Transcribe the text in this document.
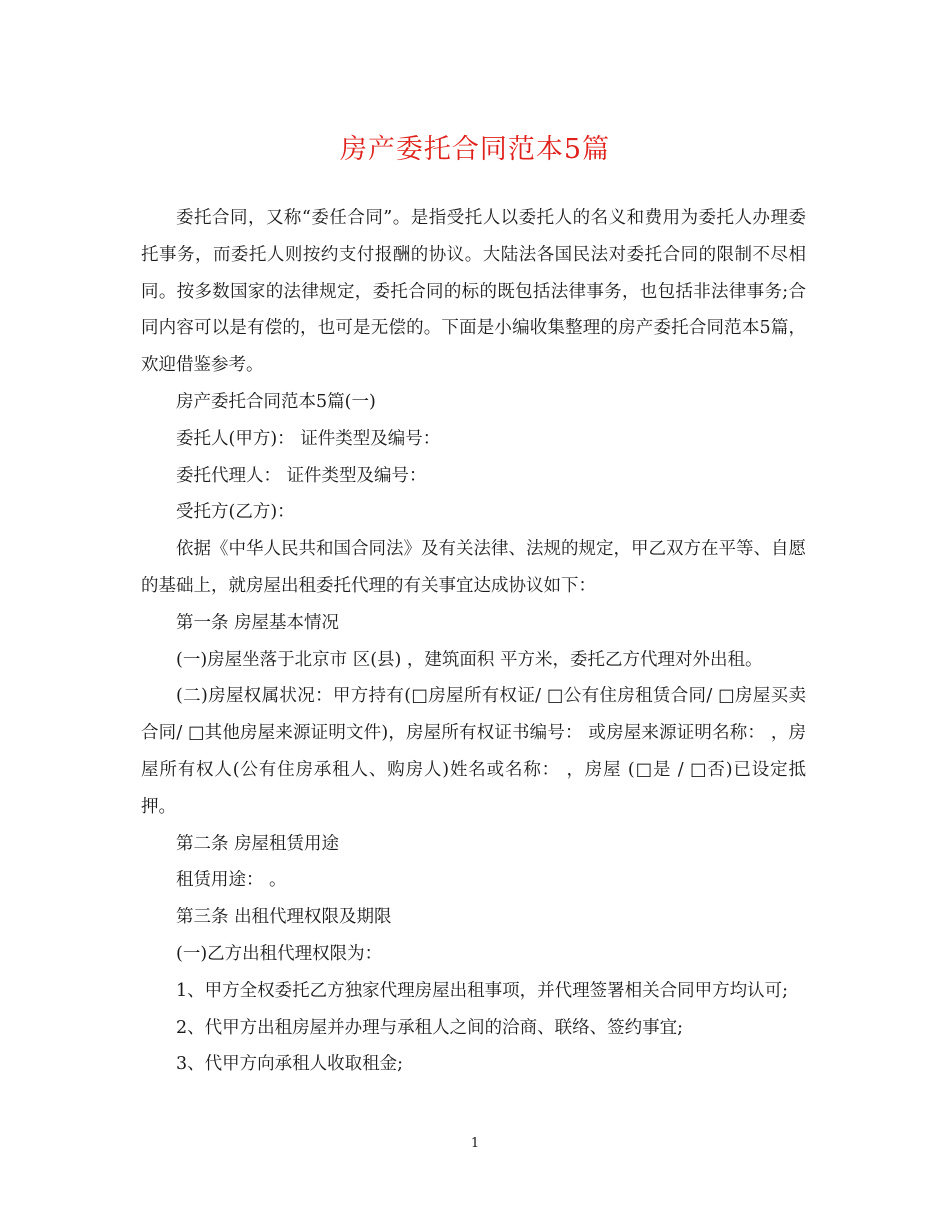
房产委托合同范本5篇

委托合同，又称“委任合同”。是指受托人以委托人的名义和费用为委托人办理委托事务，而委托人则按约支付报酬的协议。大陆法各国民法对委托合同的限制不尽相同。按多数国家的法律规定，委托合同的标的既包括法律事务，也包括非法律事务;合同内容可以是有偿的，也可是无偿的。下面是小编收集整理的房产委托合同范本5篇，欢迎借鉴参考。

房产委托合同范本5篇(一)

委托人(甲方)： 证件类型及编号：

委托代理人： 证件类型及编号：

受托方(乙方)：

依据《中华人民共和国合同法》及有关法律、法规的规定，甲乙双方在平等、自愿的基础上，就房屋出租委托代理的有关事宜达成协议如下：

第一条 房屋基本情况

(一)房屋坐落于北京市 区(县) ，建筑面积 平方米，委托乙方代理对外出租。

(二)房屋权属状况：甲方持有(□房屋所有权证/ □公有住房租赁合同/ □房屋买卖合同/ □其他房屋来源证明文件)，房屋所有权证书编号： 或房屋来源证明名称： ，房屋所有权人(公有住房承租人、购房人)姓名或名称： ，房屋 (□是 / □否)已设定抵押。

第二条 房屋租赁用途

租赁用途： 。

第三条 出租代理权限及期限

(一)乙方出租代理权限为：

1、甲方全权委托乙方独家代理房屋出租事项，并代理签署相关合同甲方均认可;

2、代甲方出租房屋并办理与承租人之间的洽商、联络、签约事宜;

3、代甲方向承租人收取租金;

1
